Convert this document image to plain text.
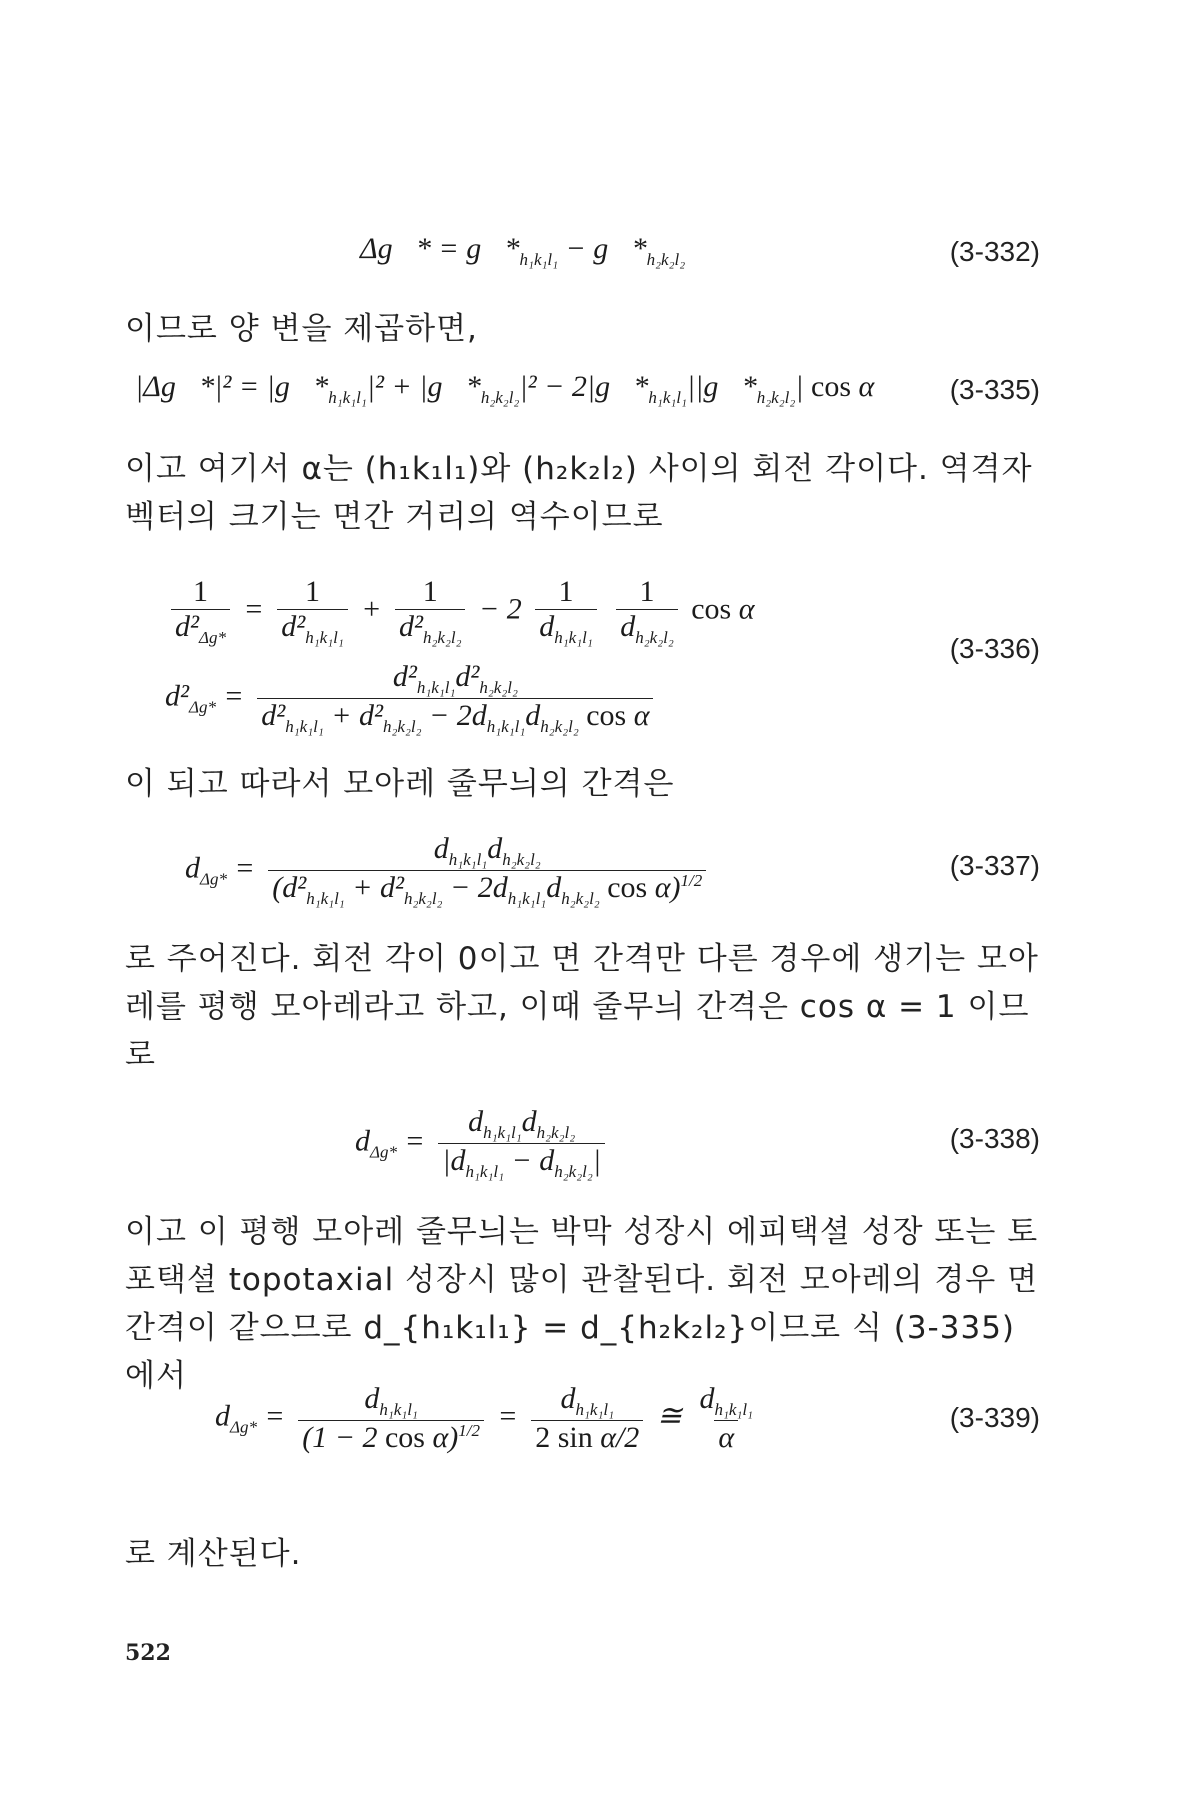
Δg⃗* = $g⃗*_{h_1k_1l_1}$ − $g⃗*_{h_2k_2l_2}$	(3-332)
이므로 양 변을 제곱하면,
|Δg⃗*|² = $|g⃗*_{h_1k_1l_1}|^2$ + $|g⃗*_{h_2k_2l_2}|^2$ − $2|g⃗*_{h_1k_1l_1}||g⃗*_{h_2k_2l_2}|$ cos α	(3-335)
이고 여기서 α는 (h₁k₁l₁)와 (h₂k₂l₂) 사이의 회전 각이다. 역격자 벡터의 크기는 면간 거리의 역수이므로
$\frac{1}{d^2_{\Delta g*}} = \frac{1}{d^2_{h_1k_1l_1}} + \frac{1}{d^2_{h_2k_2l_2}} - 2 \frac{1}{d_{h_1k_1l_1}}$
$\frac{1}{d_{h_2k_2l_2}}$ cos α
$d^2_{\Delta g*} = \frac{d^2_{h_1k_1l_1}d^2_{h_2k_2l_2}}{d^2_{h_1k_1l_1} + d^2_{h_2k_2l_2} - 2d_{h_1k_1l_1}d_{h_2k_2l_2} \cos \alpha}$
(3-336)
이 되고 따라서 모아레 줄무늬의 간격은
$d_{\Delta g*} = \frac{d_{h_1k_1l_1}d_{h_2k_2l_2}}{(d^2_{h_1k_1l_1} + d^2_{h_2k_2l_2} - 2d_{h_1k_1l_1}d_{h_2k_2l_2} \cos \alpha)^{1/2}}$	(3-337)
로 주어진다. 회전 각이 0이고 면 간격만 다른 경우에 생기는 모아레를 평행 모아레라고 하고, 이때 줄무늬 간격은 cos α = 1 이므로
$d_{\Delta g*} = \frac{d_{h_1k_1l_1}d_{h_2k_2l_2}}{|d_{h_1k_1l_1} - d_{h_2k_2l_2}|}$	(3-338)
이고 이 평행 모아레 줄무늬는 박막 성장시 에피택셜 성장 또는 토포택셜 topotaxial 성장시 많이 관찰된다. 회전 모아레의 경우 면 간격이 같으므로 d_{h₁k₁l₁} = d_{h₂k₂l₂}이므로 식 (3-335)에서
$d_{\Delta g*} = \frac{d_{h_1k_1l_1}}{(1 - 2 \cos \alpha)^{1/2}} = \frac{d_{h_1k_1l_1}}{\text{2 sin α/2}}$ ≅ $\frac{d_{h_1k_1l_1}}{\alpha}$	(3-339)
로 계산된다.
522
